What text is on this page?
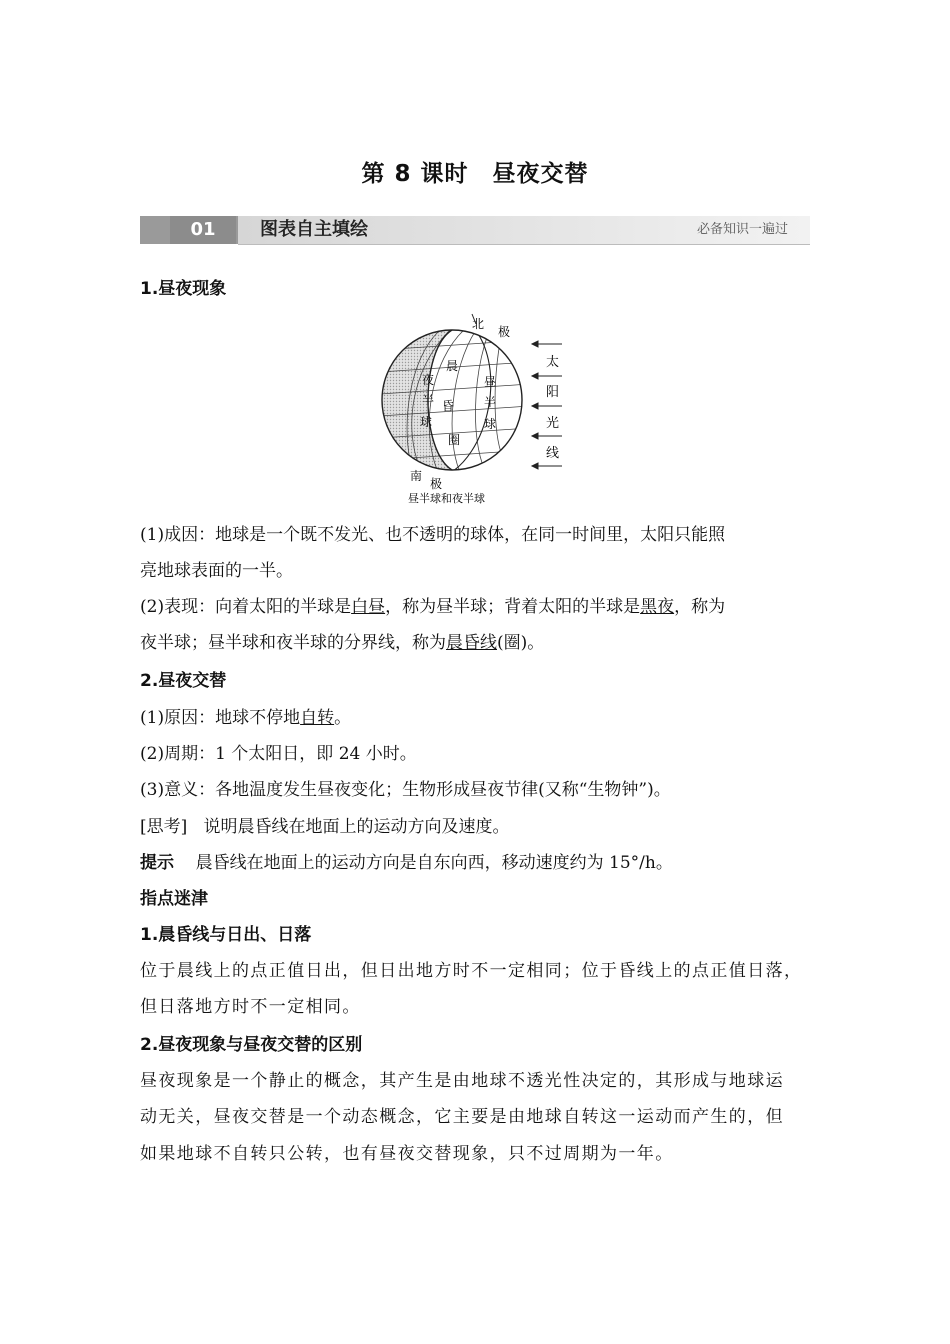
第 8 课时　昼夜交替
01	图表自主填绘	必备知识一遍过
1.昼夜现象
北
极
南
极
夜
半
球
晨
昏
圈
昼
半
球
太
阳
光
线
昼半球和夜半球
(1)成因：地球是一个既不发光、也不透明的球体，在同一时间里，太阳只能照
亮地球表面的一半。
(2)表现：向着太阳的半球是白昼，称为昼半球；背着太阳的半球是黑夜，称为
夜半球；昼半球和夜半球的分界线，称为晨昏线(圈)。
2.昼夜交替
(1)原因：地球不停地自转。
(2)周期：1 个太阳日，即 24 小时。
(3)意义：各地温度发生昼夜变化；生物形成昼夜节律(又称“生物钟”)。
[思考] 说明晨昏线在地面上的运动方向及速度。
提示 晨昏线在地面上的运动方向是自东向西，移动速度约为 15°/h。
指点迷津
1.晨昏线与日出、日落
位于晨线上的点正值日出，但日出地方时不一定相同；位于昏线上的点正值日落，
但日落地方时不一定相同。
2.昼夜现象与昼夜交替的区别
昼夜现象是一个静止的概念，其产生是由地球不透光性决定的，其形成与地球运
动无关，昼夜交替是一个动态概念，它主要是由地球自转这一运动而产生的，但
如果地球不自转只公转，也有昼夜交替现象，只不过周期为一年。
